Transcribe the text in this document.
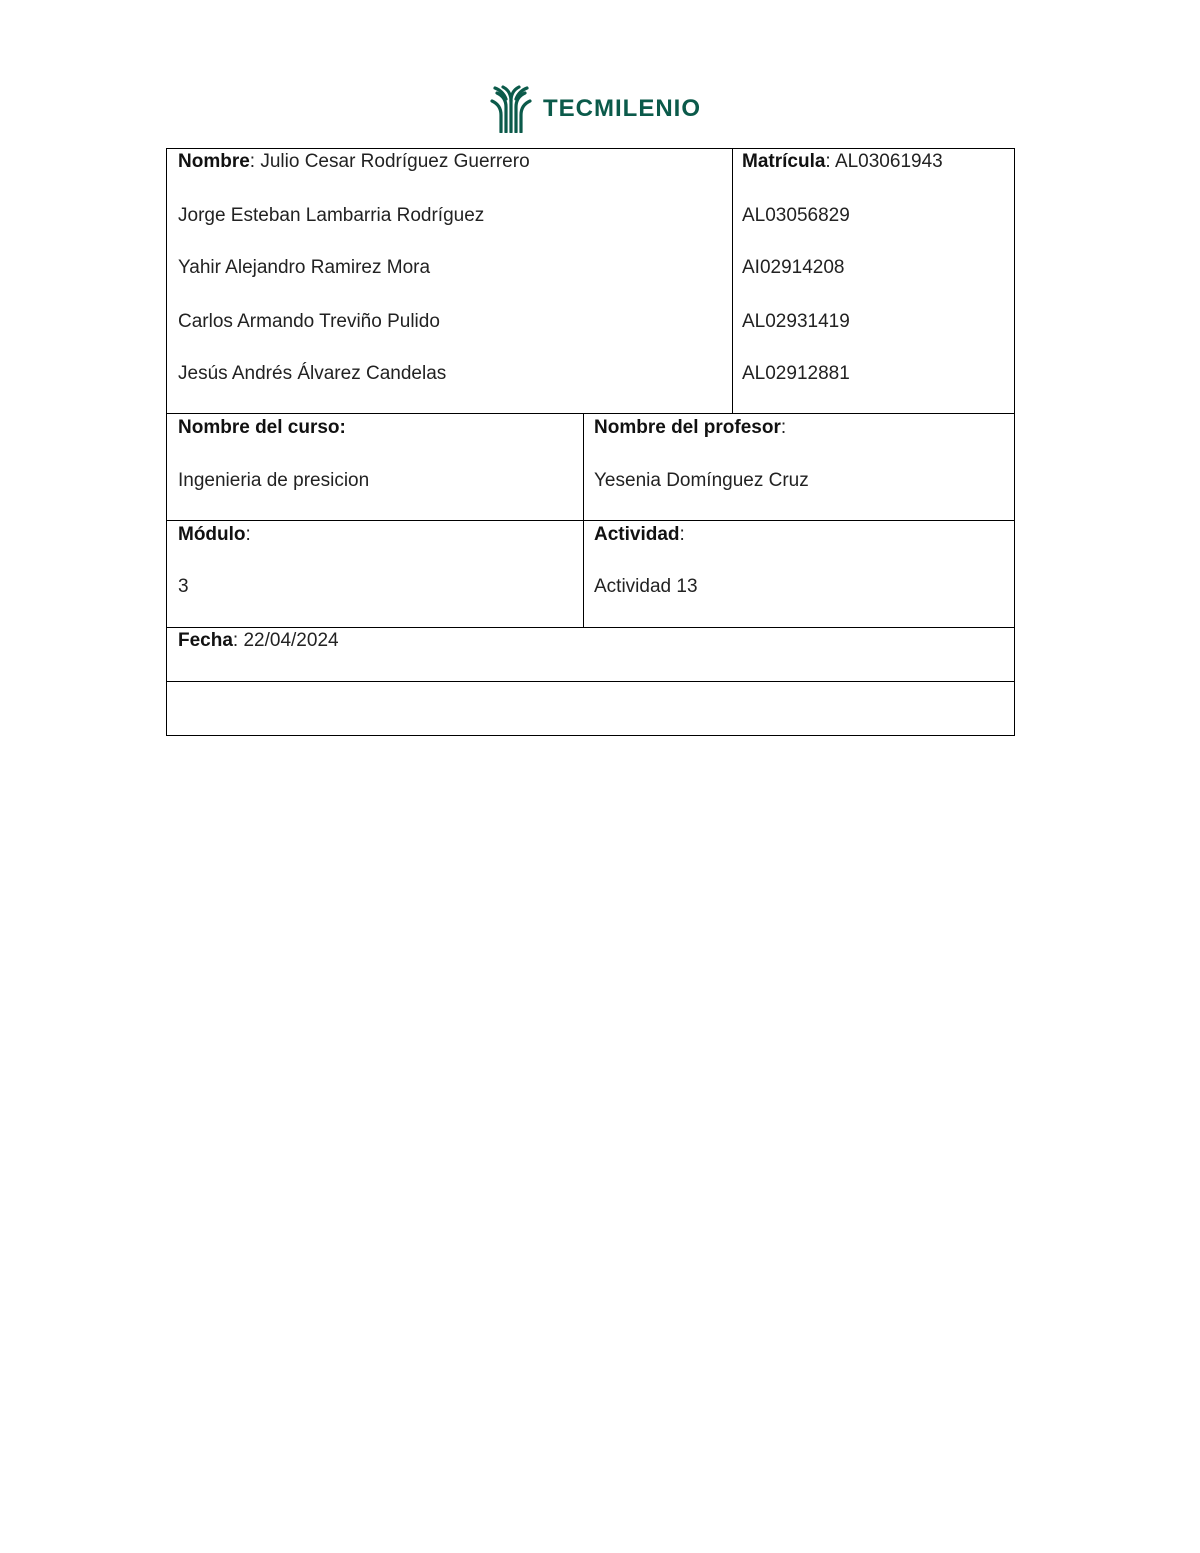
TECMILENIO
Nombre: Julio Cesar Rodríguez Guerrero
Jorge Esteban Lambarria Rodríguez
Yahir Alejandro Ramirez Mora
Carlos Armando Treviño Pulido
Jesús Andrés Álvarez Candelas
Matrícula: AL03061943
AL03056829
AI02914208
AL02931419
AL02912881
Nombre del curso:
Ingenieria de presicion
Nombre del profesor:
Yesenia Domínguez Cruz
Módulo:
3
Actividad:
Actividad 13
Fecha: 22/04/2024
